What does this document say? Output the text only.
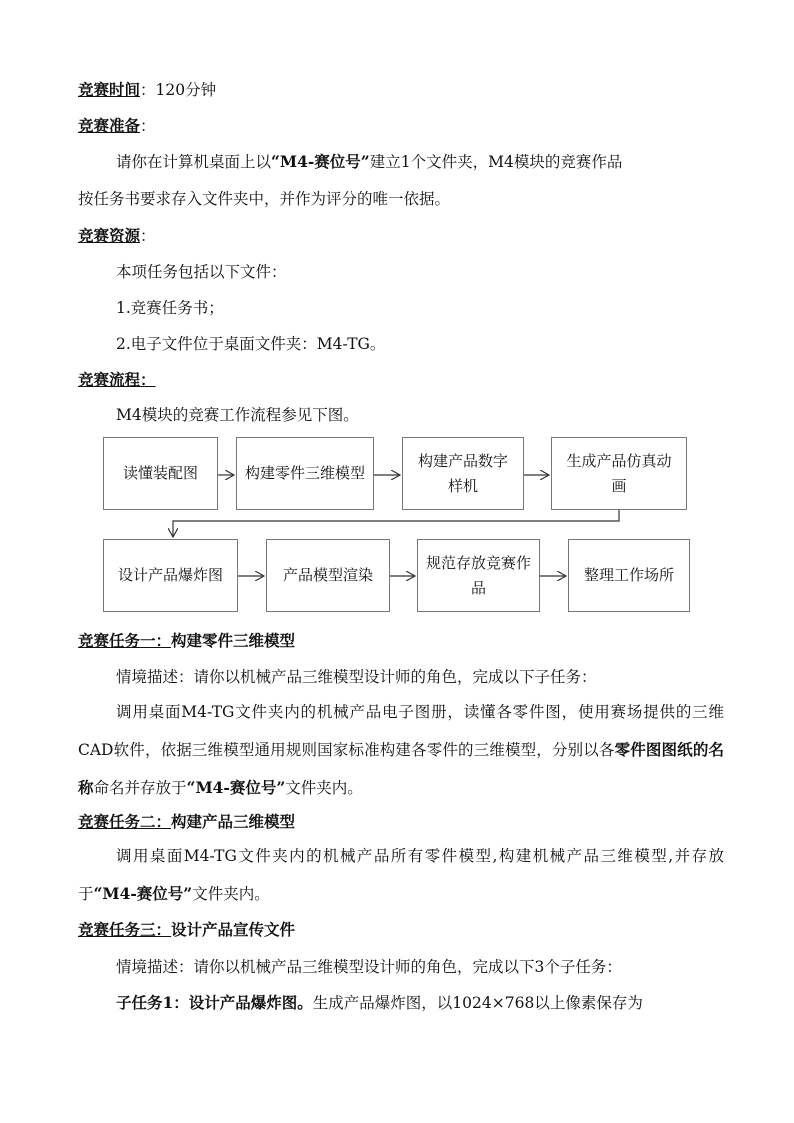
竞赛时间：120分钟
竞赛准备：
请你在计算机桌面上以“M4-赛位号”建立1个文件夹，M4模块的竞赛作品
按任务书要求存入文件夹中，并作为评分的唯一依据。
竞赛资源：
本项任务包括以下文件：
1.竞赛任务书；
2.电子文件位于桌面文件夹：M4-TG。
竞赛流程：
M4模块的竞赛工作流程参见下图。
读懂装配图	构建零件三维模型
构建产品数字样机
生成产品仿真动画
设计产品爆炸图	产品模型渲染
规范存放竞赛作品
整理工作场所
竞赛任务一：构建零件三维模型
情境描述：请你以机械产品三维模型设计师的角色，完成以下子任务：
调用桌面M4-TG文件夹内的机械产品电子图册，读懂各零件图，使用赛场提供的三维CAD软件，依据三维模型通用规则国家标准构建各零件的三维模型，分别以各零件图图纸的名称命名并存放于“M4-赛位号”文件夹内。
竞赛任务二：构建产品三维模型
调用桌面M4-TG文件夹内的机械产品所有零件模型,构建机械产品三维模型,并存放于“M4-赛位号”文件夹内。
竞赛任务三：设计产品宣传文件
情境描述：请你以机械产品三维模型设计师的角色，完成以下3个子任务：
子任务1：设计产品爆炸图。生成产品爆炸图，以1024×768以上像素保存为
